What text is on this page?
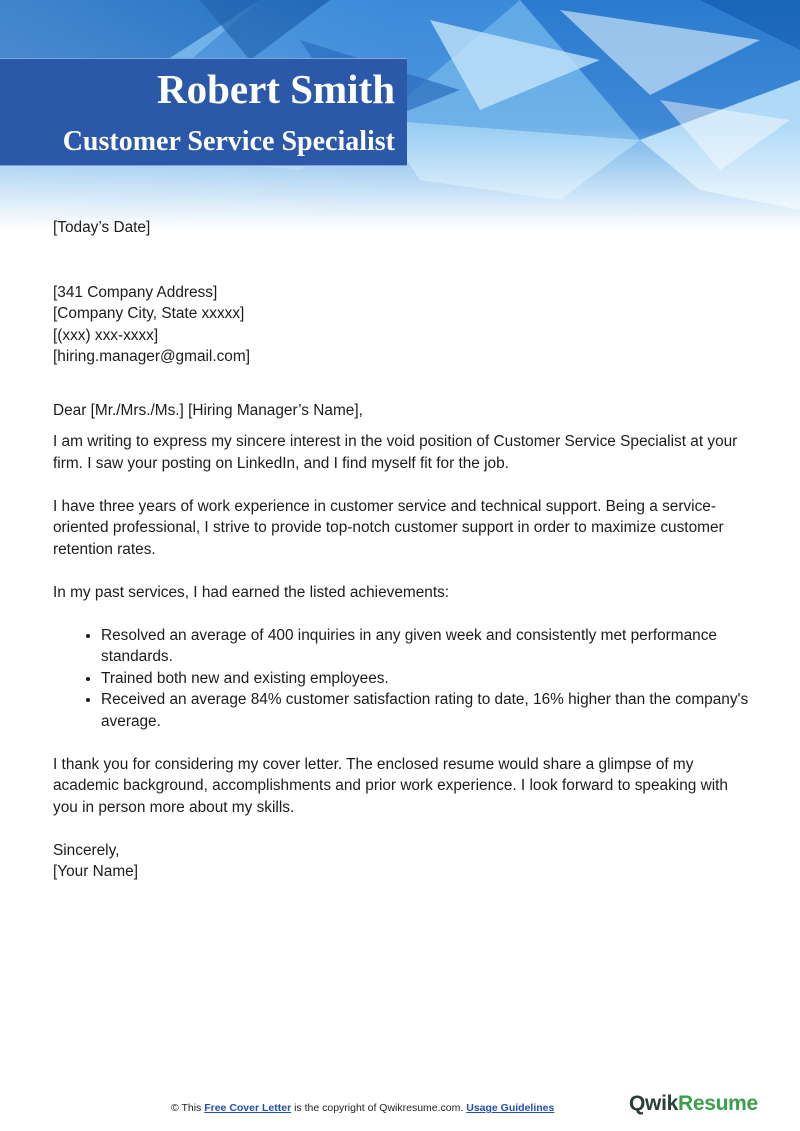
Robert Smith
Customer Service Specialist

[Today’s Date]

[341 Company Address]

[Company City, State xxxxx]

[(xxx) xxx-xxxx]

[hiring.manager@gmail.com]

Dear [Mr./Mrs./Ms.] [Hiring Manager’s Name],

I am writing to express my sincere interest in the void position of Customer Service Specialist at your firm. I saw your posting on LinkedIn, and I find myself fit for the job.

I have three years of work experience in customer service and technical support. Being a service-oriented professional, I strive to provide top-notch customer support in order to maximize customer retention rates.

In my past services, I had earned the listed achievements:

• Resolved an average of 400 inquiries in any given week and consistently met performance standards.
• Trained both new and existing employees.
• Received an average 84% customer satisfaction rating to date, 16% higher than the company's average.

I thank you for considering my cover letter. The enclosed resume would share a glimpse of my academic background, accomplishments and prior work experience. I look forward to speaking with you in person more about my skills.

Sincerely,

[Your Name]

© This Free Cover Letter is the copyright of Qwikresume.com. Usage Guidelines	QwikResume
